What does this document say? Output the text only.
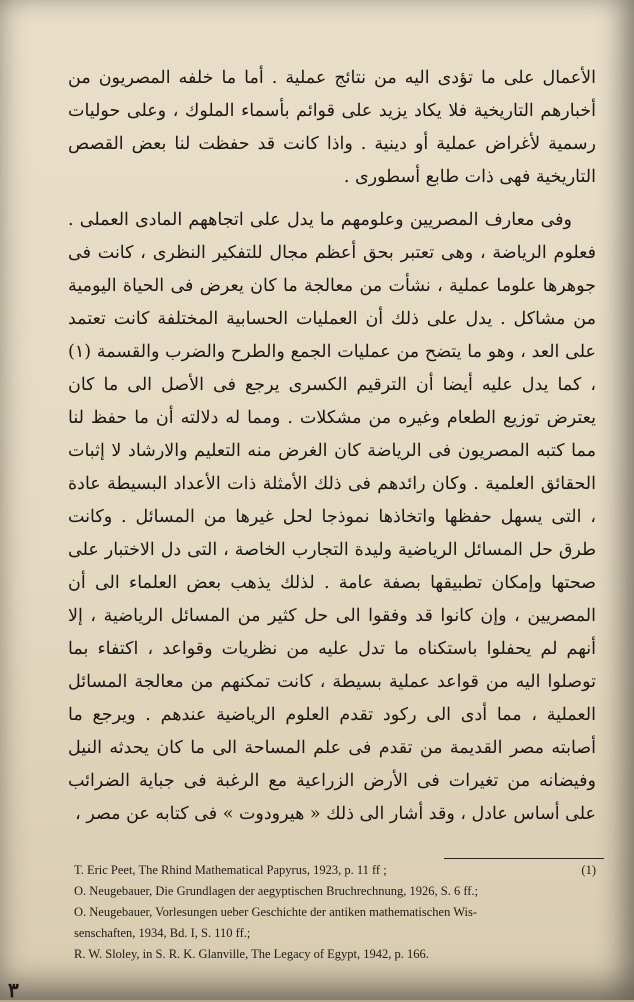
الأعمال على ما تؤدى اليه من نتائج عملية . أما ما خلفه المصريون من أخبارهم التاريخية فلا يكاد يزيد على قوائم بأسماء الملوك ، وعلى حوليات رسمية لأغراض عملية أو دينية . واذا كانت قد حفظت لنا بعض القصص التاريخية فهى ذات طابع أسطورى .

وفى معارف المصريين وعلومهم ما يدل على اتجاههم المادى العملى . فعلوم الرياضة ، وهى تعتبر بحق أعظم مجال للتفكير النظرى ، كانت فى جوهرها علوما عملية ، نشأت من معالجة ما كان يعرض فى الحياة اليومية من مشاكل . يدل على ذلك أن العمليات الحسابية المختلفة كانت تعتمد على العد ، وهو ما يتضح من عمليات الجمع والطرح والضرب والقسمة (١) ، كما يدل عليه أيضا أن الترقيم الكسرى يرجع فى الأصل الى ما كان يعترض توزيع الطعام وغيره من مشكلات . ومما له دلالته أن ما حفظ لنا مما كتبه المصريون فى الرياضة كان الغرض منه التعليم والارشاد لا إثبات الحقائق العلمية . وكان رائدهم فى ذلك الأمثلة ذات الأعداد البسيطة عادة ، التى يسهل حفظها واتخاذها نموذجا لحل غيرها من المسائل . وكانت طرق حل المسائل الرياضية وليدة التجارب الخاصة ، التى دل الاختبار على صحتها وإمكان تطبيقها بصفة عامة . لذلك يذهب بعض العلماء الى أن المصريين ، وإن كانوا قد وفقوا الى حل كثير من المسائل الرياضية ، إلا أنهم لم يحفلوا باستكناه ما تدل عليه من نظريات وقواعد ، اكتفاء بما توصلوا اليه من قواعد عملية بسيطة ، كانت تمكنهم من معالجة المسائل العملية ، مما أدى الى ركود تقدم العلوم الرياضية عندهم . ويرجع ما أصابته مصر القديمة من تقدم فى علم المساحة الى ما كان يحدثه النيل وفيضانه من تغيرات فى الأرض الزراعية مع الرغبة فى جباية الضرائب على أساس عادل ، وقد أشار الى ذلك « هيرودوت » فى كتابه عن مصر ،

(1)
T. Eric Peet, The Rhind Mathematical Papyrus, 1923, p. 11 ff ;
O. Neugebauer, Die Grundlagen der aegyptischen Bruchrechnung, 1926, S. 6 ff.;
O. Neugebauer, Vorlesungen ueber Geschichte der antiken mathematischen Wis-
senschaften, 1934, Bd. I, S. 110 ff.;
R. W. Sloley, in S. R. K. Glanville, The Legacy of Egypt, 1942, p. 166.
٣
